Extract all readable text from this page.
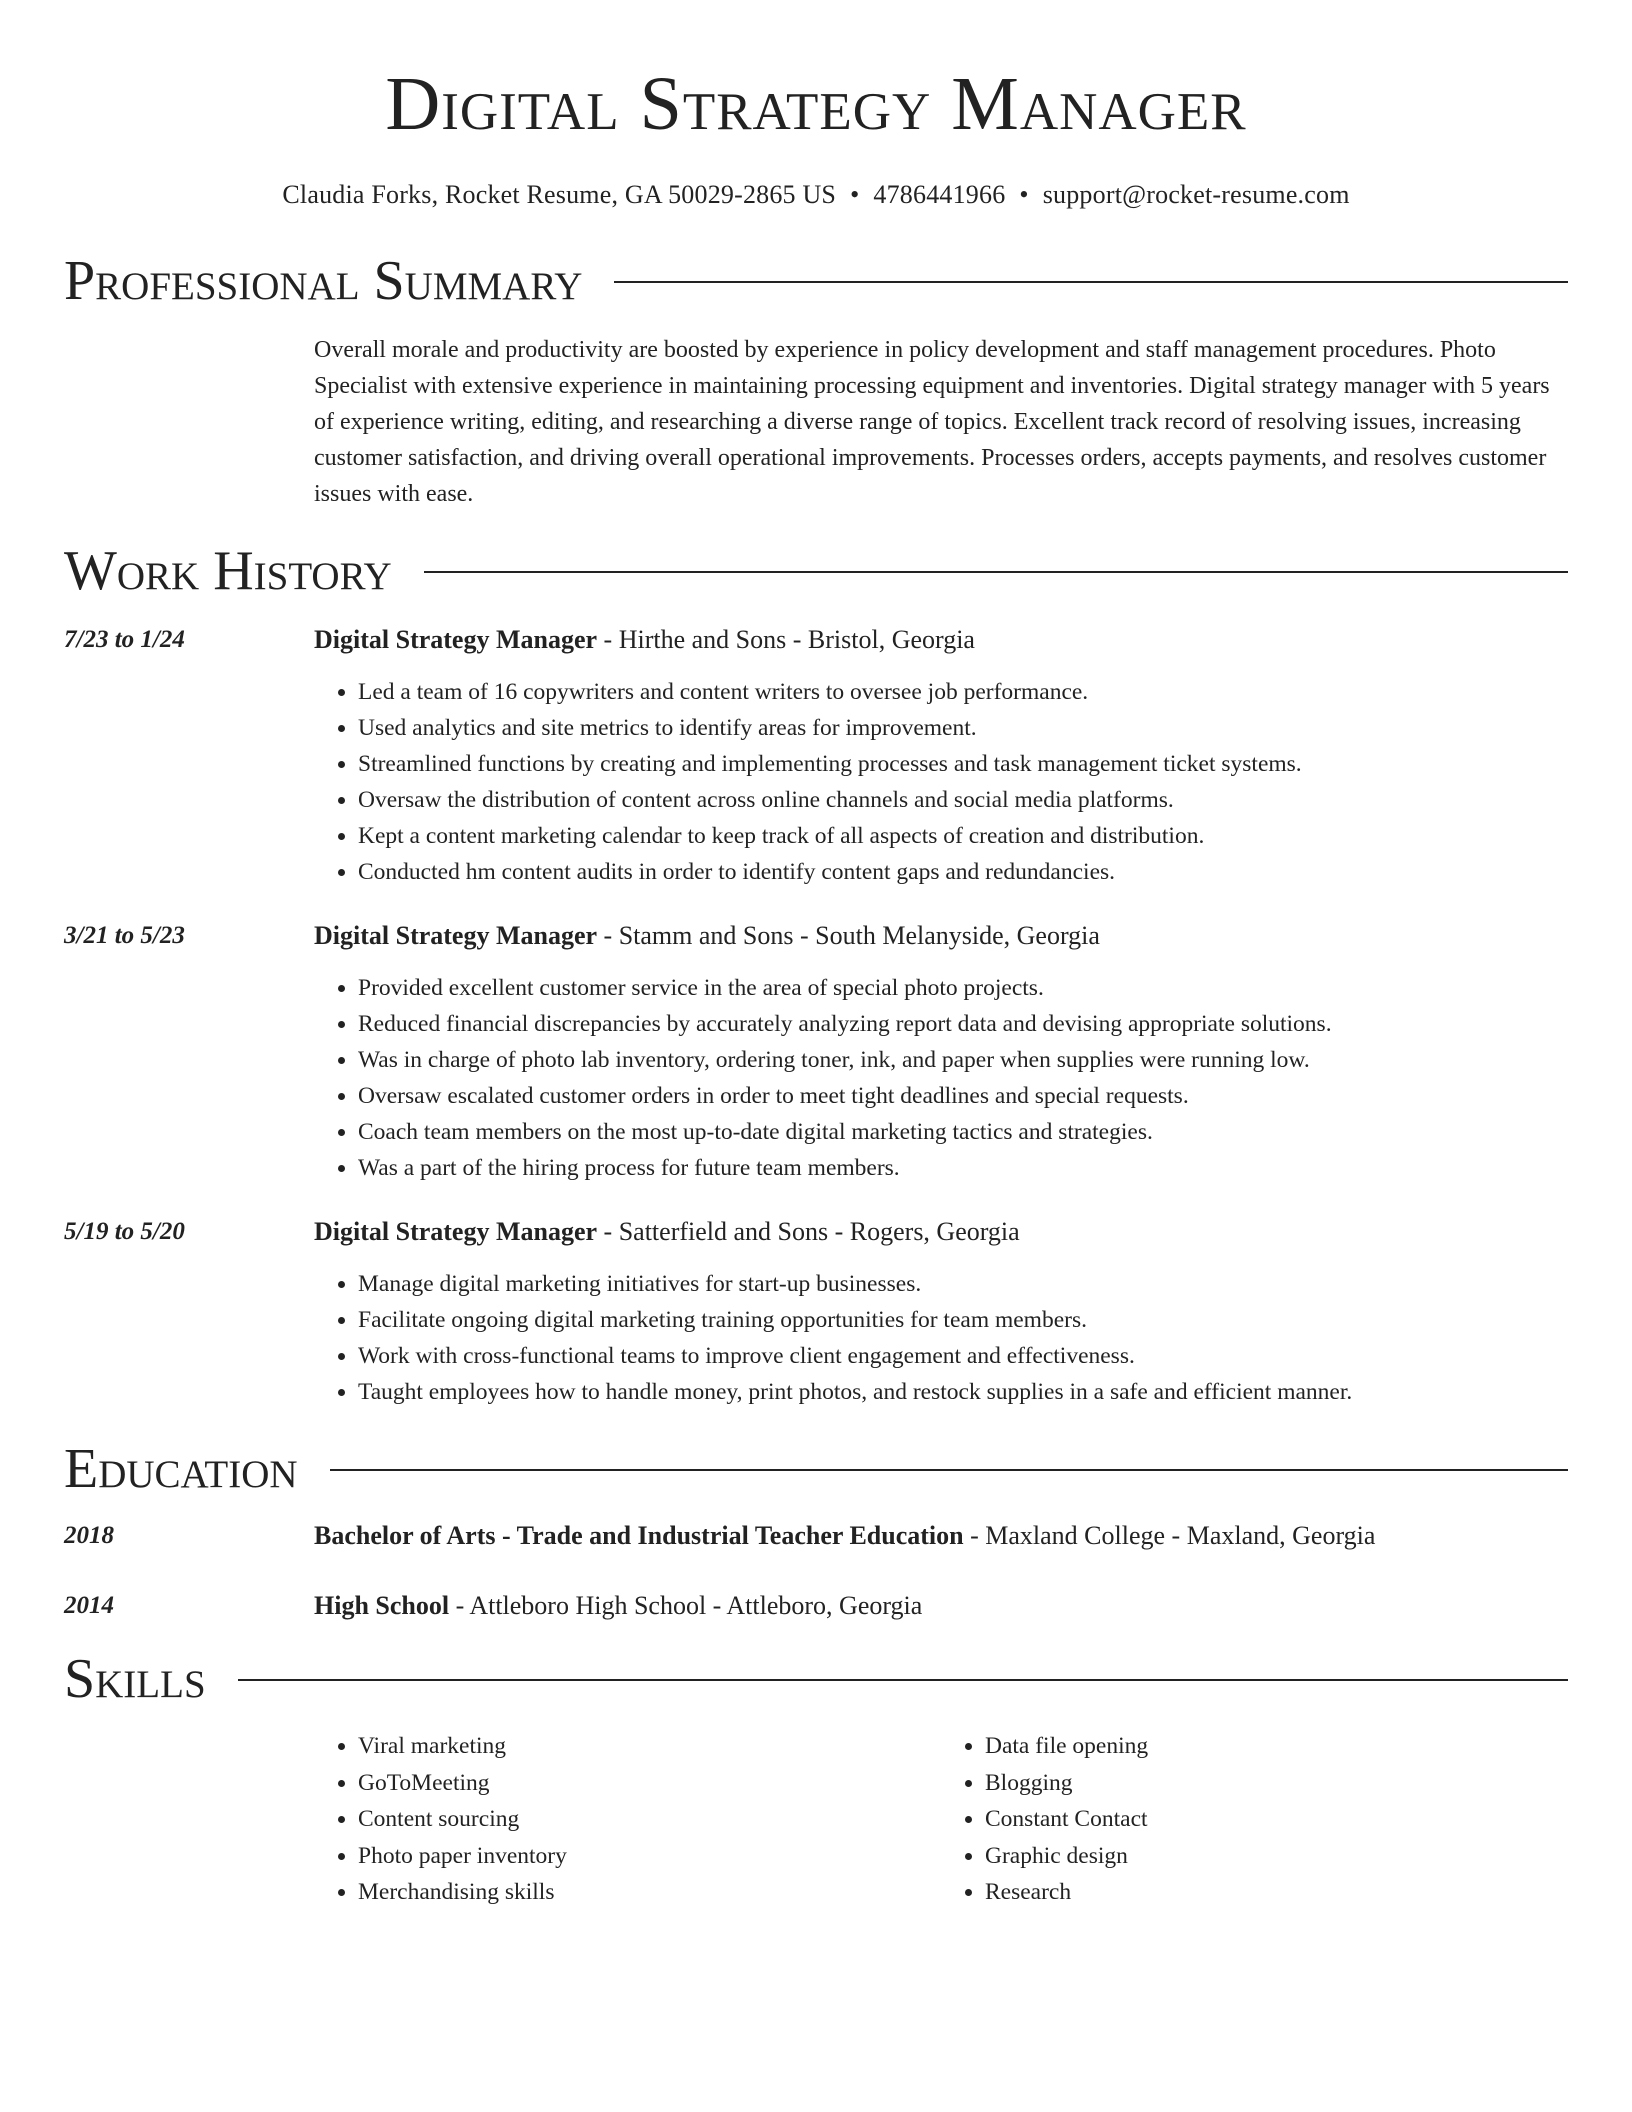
Digital Strategy Manager
Claudia Forks, Rocket Resume, GA 50029-2865 US • 4786441966 • support@rocket-resume.com
Professional Summary
Overall morale and productivity are boosted by experience in policy development and staff management procedures. Photo Specialist with extensive experience in maintaining processing equipment and inventories. Digital strategy manager with 5 years of experience writing, editing, and researching a diverse range of topics. Excellent track record of resolving issues, increasing customer satisfaction, and driving overall operational improvements. Processes orders, accepts payments, and resolves customer issues with ease.
Work History
7/23 to 1/24	Digital Strategy Manager - Hirthe and Sons - Bristol, Georgia
• Led a team of 16 copywriters and content writers to oversee job performance.
• Used analytics and site metrics to identify areas for improvement.
• Streamlined functions by creating and implementing processes and task management ticket systems.
• Oversaw the distribution of content across online channels and social media platforms.
• Kept a content marketing calendar to keep track of all aspects of creation and distribution.
• Conducted hm content audits in order to identify content gaps and redundancies.
3/21 to 5/23	Digital Strategy Manager - Stamm and Sons - South Melanyside, Georgia
• Provided excellent customer service in the area of special photo projects.
• Reduced financial discrepancies by accurately analyzing report data and devising appropriate solutions.
• Was in charge of photo lab inventory, ordering toner, ink, and paper when supplies were running low.
• Oversaw escalated customer orders in order to meet tight deadlines and special requests.
• Coach team members on the most up-to-date digital marketing tactics and strategies.
• Was a part of the hiring process for future team members.
5/19 to 5/20	Digital Strategy Manager - Satterfield and Sons - Rogers, Georgia
• Manage digital marketing initiatives for start-up businesses.
• Facilitate ongoing digital marketing training opportunities for team members.
• Work with cross-functional teams to improve client engagement and effectiveness.
• Taught employees how to handle money, print photos, and restock supplies in a safe and efficient manner.
Education
2018	Bachelor of Arts - Trade and Industrial Teacher Education - Maxland College - Maxland, Georgia
2014	High School - Attleboro High School - Attleboro, Georgia
Skills
• Viral marketing
• GoToMeeting
• Content sourcing
• Photo paper inventory
• Merchandising skills
• Data file opening
• Blogging
• Constant Contact
• Graphic design
• Research
